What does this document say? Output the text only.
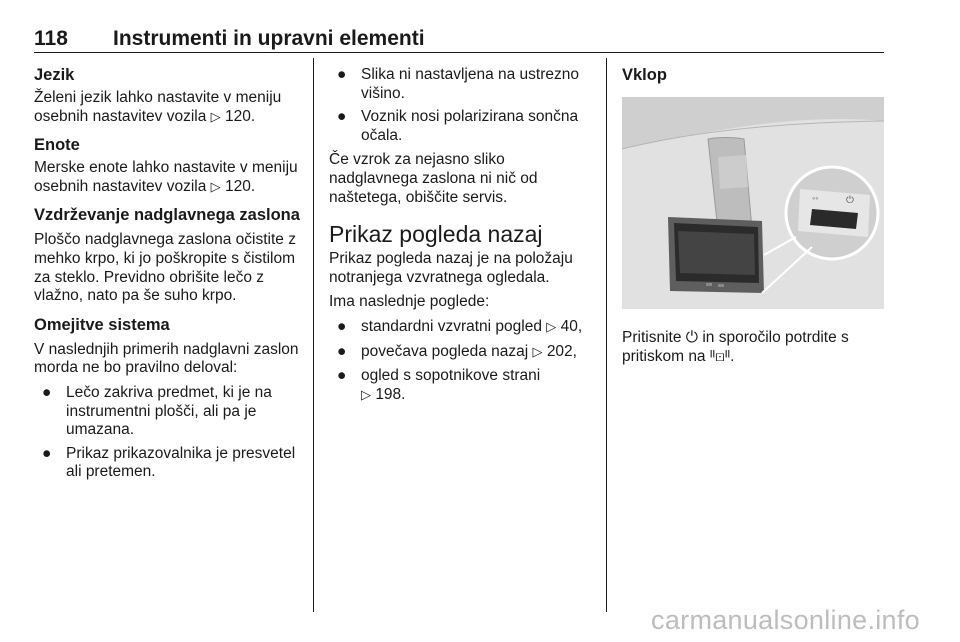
118 Instrumenti in upravni elementi

Jezik

Želeni jezik lahko nastavite v meniju osebnih nastavitev vozila ▷ 120.

Enote

Merske enote lahko nastavite v meniju osebnih nastavitev vozila ▷ 120.

Vzdrževanje nadglavnega zaslona

Ploščo nadglavnega zaslona očistite z mehko krpo, ki jo poškropite s čistilom za steklo. Previdno obrišite lečo z vlažno, nato pa še suho krpo.

Omejitve sistema

V naslednjih primerih nadglavni zaslon morda ne bo pravilno deloval:

● Lečo zakriva predmet, ki je na instrumentni plošči, ali pa je umazana.
● Prikaz prikazovalnika je presvetel ali pretemen.
● Slika ni nastavljena na ustrezno višino.
● Voznik nosi polarizirana sončna očala.

Če vzrok za nejasno sliko nadglavnega zaslona ni nič od naštetega, obiščite servis.

Prikaz pogleda nazaj

Prikaz pogleda nazaj je na položaju notranjega vzvratnega ogledala.

Ima naslednje poglede:

● standardni vzvratni pogled ▷ 40,
● povečava pogleda nazaj ▷ 202,
● ogled s sopotnikove strani
▷ 198.

Vklop

◦◦	⏻

Pritisnite ⏻ in sporočilo potrdite s pritiskom na ᴵᴵ⊡ᴵᴵ.

carmanualsonline.info
